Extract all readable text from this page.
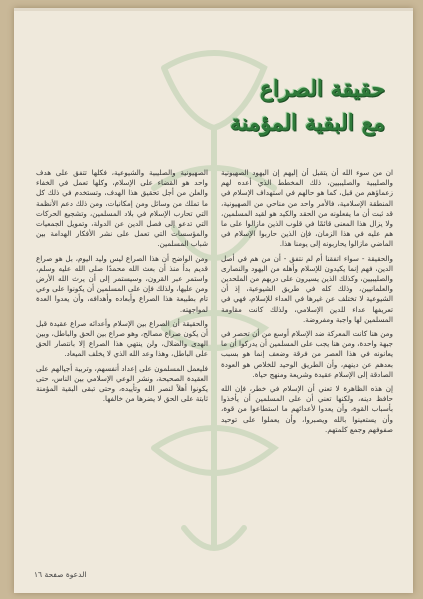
حقيقة الصراع
مع البقية المؤمنة

ان من سوء الله أن يتقبل أن إليهم إن اليهود الصهيونية والصليبية والصليبيين، ذلك المخطط الذي أعده لهم زعماؤهم من قبل، كما هو حالهم في استهداف الإسلام في المنطقة الإسلامية، فالأمر واحد من مناحي من الصهيونية، قد ثبت أن ما يفعلونه من الحقد والكيد هو لقيد المسلمين، ولا يزال هذا المعنى قائمًا في قلوب الذين مازالوا على ما هم عليه في هذا الزمان، فإن الذين حاربوا الإسلام في الماضي مازالوا يحاربونه إلى يومنا هذا.

والحقيقة - سواء اتفقنا أم لم نتفق - أن من هم في أصل الدين، فهم إنما يكيدون للإسلام وأهله من اليهود والنصارى والصليبيين، وكذلك الذين يسيرون على دربهم من الملحدين والعلمانيين، وذلك كله في طريق الشيوعية، إذ أن الشيوعية لا تختلف عن غيرها في العداء للإسلام، فهي في تعريفها عداء للدين الإسلامي، ولذلك كانت مقاومة المسلمين لها واجبة ومفروضة.

ومن هنا كانت المعركة ضد الإسلام أوسع من أن تحصر في جبهة واحدة، ومن هنا يجب على المسلمين أن يدركوا أن ما يعانونه في هذا العصر من فرقة وضعف إنما هو بسبب بعدهم عن دينهم، وأن الطريق الوحيد للخلاص هو العودة الصادقة إلى الإسلام عقيدة وشريعة ومنهج حياة.

إن هذه الظاهرة لا تعني أن الإسلام في خطر، فإن الله حافظ دينه، ولكنها تعني أن على المسلمين أن يأخذوا بأسباب القوة، وأن يعدوا لأعدائهم ما استطاعوا من قوة، وأن يستعينوا بالله ويصبروا، وأن يعملوا على توحيد صفوفهم وجمع كلمتهم.

الصهيونية والصليبية والشيوعية، فكلها تتفق على هدف واحد هو القضاء على الإسلام، وكلها تعمل في الخفاء والعلن من أجل تحقيق هذا الهدف، وتستخدم في ذلك كل ما تملك من وسائل ومن إمكانيات، ومن ذلك دعم الأنظمة التي تحارب الإسلام في بلاد المسلمين، وتشجيع الحركات التي تدعو إلى فصل الدين عن الدولة، وتمويل الجمعيات والمؤسسات التي تعمل على نشر الأفكار الهدامة بين شباب المسلمين.

ومن الواضح أن هذا الصراع ليس وليد اليوم، بل هو صراع قديم بدأ منذ أن بعث الله محمدًا صلى الله عليه وسلم، واستمر عبر القرون، وسيستمر إلى أن يرث الله الأرض ومن عليها، ولذلك فإن على المسلمين أن يكونوا على وعي تام بطبيعة هذا الصراع وأبعاده وأهدافه، وأن يعدوا العدة لمواجهته.

والحقيقة أن الصراع بين الإسلام وأعدائه صراع عقيدة قبل أن يكون صراع مصالح، وهو صراع بين الحق والباطل، وبين الهدى والضلال، ولن ينتهي هذا الصراع إلا بانتصار الحق على الباطل، وهذا وعد الله الذي لا يخلف الميعاد.

فليعمل المسلمون على إعداد أنفسهم، وتربية أجيالهم على العقيدة الصحيحة، ونشر الوعي الإسلامي بين الناس، حتى يكونوا أهلاً لنصر الله وتأييده، وحتى تبقى البقية المؤمنة ثابتة على الحق لا يضرها من خالفها.

الدعوة صفحة ١٦
